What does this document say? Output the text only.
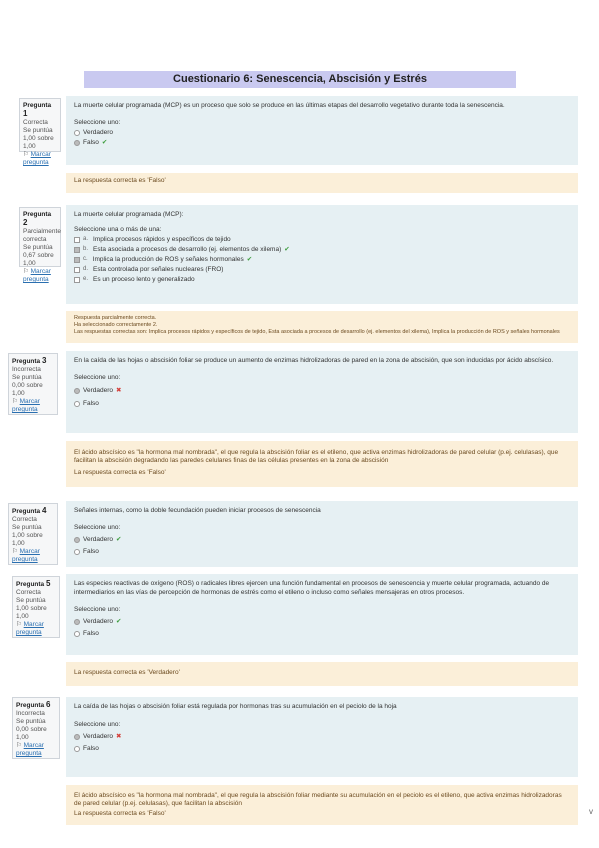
Cuestionario 6: Senescencia, Abscisión y Estrés
Pregunta 1
Correcta
Se puntúa 1,00 sobre 1,00
⚐ Marcar pregunta
La muerte celular programada (MCP) es un proceso que solo se produce en las últimas etapas del desarrollo vegetativo durante toda la senescencia.
Seleccione uno:
Verdadero
Falso ✔
La respuesta correcta es 'Falso'
Pregunta 2
Parcialmente correcta
Se puntúa 0,67 sobre 1,00
⚐ Marcar pregunta
La muerte celular programada (MCP):
Seleccione una o más de una:
a. Implica procesos rápidos y específicos de tejido
b. Esta asociada a procesos de desarrollo (ej. elementos de xilema) ✔
c. Implica la producción de ROS y señales hormonales ✔
d. Esta controlada por señales nucleares (FRO)
e. Es un proceso lento y generalizado
Respuesta parcialmente correcta.
Ha seleccionado correctamente 2.
Las respuestas correctas son: Implica procesos rápidos y específicos de tejido, Esta asociada a procesos de desarrollo (ej. elementos del xilema), Implica la producción de ROS y señales hormonales
Pregunta 3
Incorrecta
Se puntúa 0,00 sobre 1,00
⚐ Marcar pregunta
En la caída de las hojas o abscisión foliar se produce un aumento de enzimas hidrolizadoras de pared en la zona de abscisión, que son inducidas por ácido abscísico.
Seleccione uno:
Verdadero ✖
Falso
El ácido abscísico es "la hormona mal nombrada", el que regula la abscisión foliar es el etileno, que activa enzimas hidrolizadoras de pared celular (p.ej. celulasas), que facilitan la abscisión degradando las paredes celulares finas de las células presentes en la zona de abscisión
La respuesta correcta es 'Falso'
Pregunta 4
Correcta
Se puntúa 1,00 sobre 1,00
⚐ Marcar pregunta
Señales internas, como la doble fecundación pueden iniciar procesos de senescencia
Seleccione uno:
Verdadero ✔
Falso
Pregunta 5
Correcta
Se puntúa 1,00 sobre 1,00
⚐ Marcar pregunta
Las especies reactivas de oxígeno (ROS) o radicales libres ejercen una función fundamental en procesos de senescencia y muerte celular programada, actuando de intermediarios en las vías de percepción de hormonas de estrés como el etileno o incluso como señales mensajeras en otros procesos.
Seleccione uno:
Verdadero ✔
Falso
La respuesta correcta es 'Verdadero'
Pregunta 6
Incorrecta
Se puntúa 0,00 sobre 1,00
⚐ Marcar pregunta
La caída de las hojas o abscisión foliar está regulada por hormonas tras su acumulación en el peciolo de la hoja
Seleccione uno:
Verdadero ✖
Falso
El ácido abscísico es "la hormona mal nombrada", el que regula la abscisión foliar mediante su acumulación en el peciolo es el etileno, que activa enzimas hidrolizadoras de pared celular (p.ej. celulasas), que facilitan la abscisión
La respuesta correcta es 'Falso'	v
